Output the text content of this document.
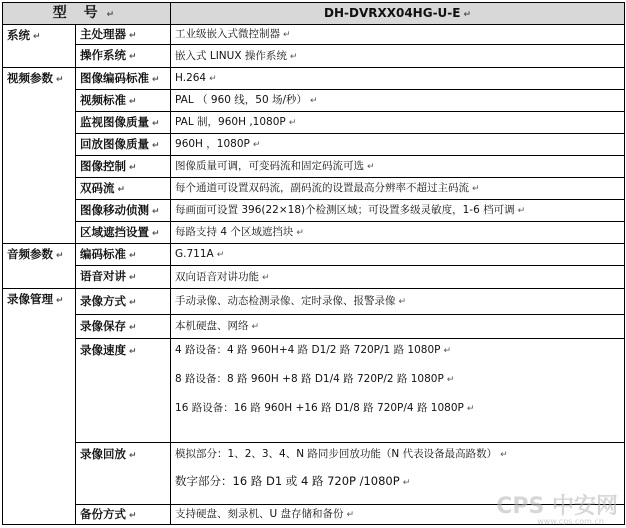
型 号 ↵		DH-DVRXX04HG-U-E ↵
系统 ↵	主处理器 ↵	工业级嵌入式微控制器 ↵
	操作系统 ↵	嵌入式 LINUX 操作系统 ↵
视频参数 ↵	图像编码标准 ↵	H.264 ↵
	视频标准 ↵	PAL （ 960 线，50 场/秒） ↵
	监视图像质量 ↵	PAL 制，960H ,1080P ↵
	回放图像质量 ↵	960H ，1080P ↵
	图像控制 ↵	图像质量可调，可变码流和固定码流可选 ↵
	双码流 ↵	每个通道可设置双码流，副码流的设置最高分辨率不超过主码流 ↵
	图像移动侦测 ↵	每画面可设置 396(22×18)个检测区域；可设置多级灵敏度，1-6 档可调 ↵
	区域遮挡设置 ↵	每路支持 4 个区域遮挡块 ↵
音频参数 ↵	编码标准 ↵	G.711A ↵
	语音对讲 ↵	双向语音对讲功能 ↵
录像管理 ↵	录像方式 ↵	手动录像、动态检测录像、定时录像、报警录像 ↵
	录像保存 ↵	本机硬盘、网络 ↵
	录像速度 ↵	4 路设备：4 路 960H+4 路 D1/2 路 720P/1 路 1080P ↵
8 路设备：8 路 960H +8 路 D1/4 路 720P/2 路 1080P ↵
16 路设备：16 路 960H +16 路 D1/8 路 720P/4 路 1080P ↵

	录像回放 ↵	模拟部分：1、2、3、4、N 路同步回放功能（N 代表设备最高路数） ↵
数字部分：16 路 D1 或 4 路 720P /1080P ↵

	备份方式 ↵	支持硬盘、刻录机、U 盘存储和备份 ↵	CPS 中安网
www.cps.com.cn
